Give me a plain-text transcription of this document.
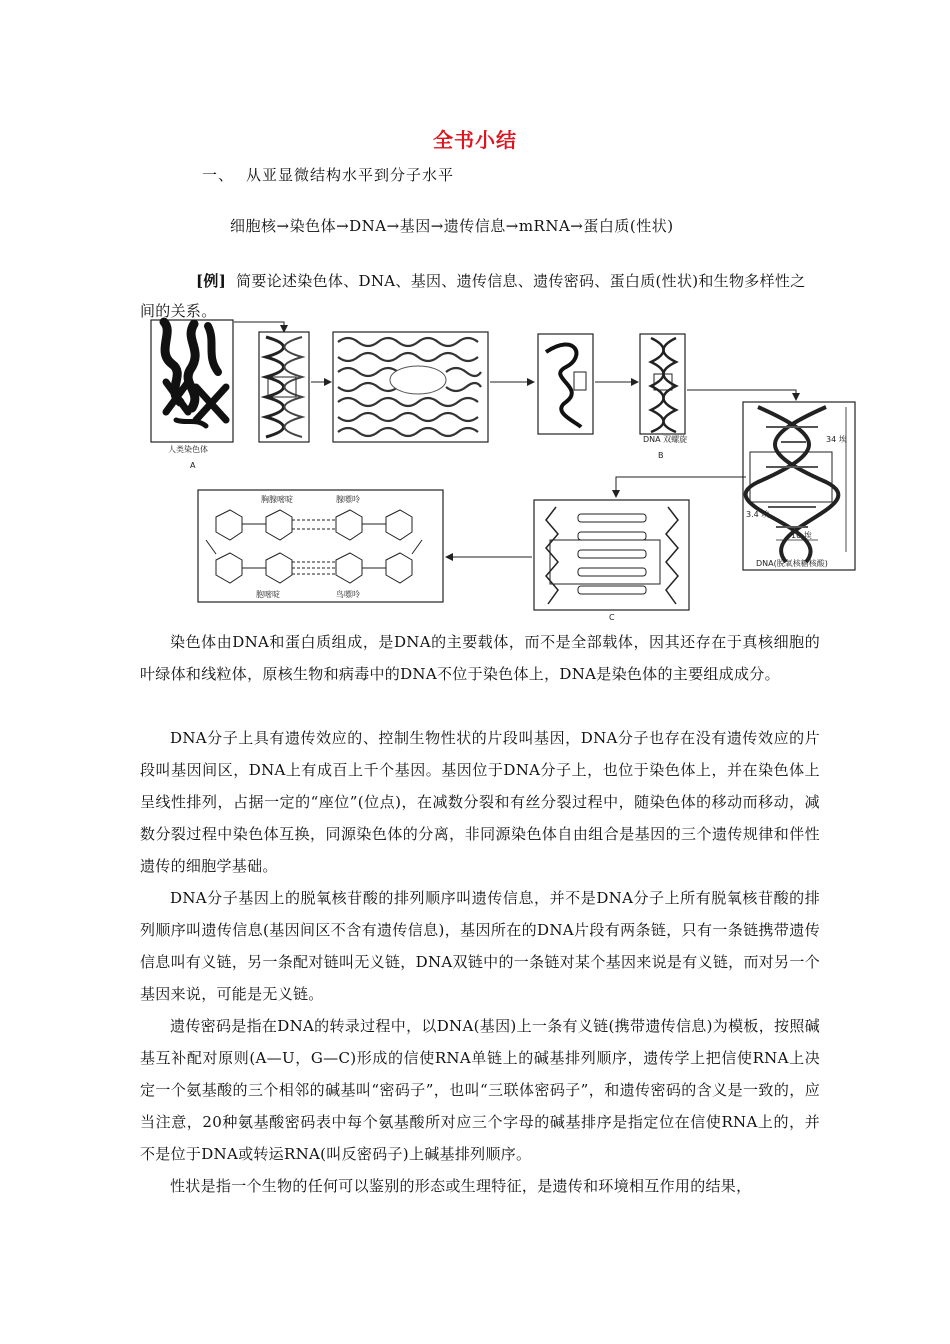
全书小结
一、 从亚显微结构水平到分子水平
细胞核→染色体→DNA→基因→遗传信息→mRNA→蛋白质(性状)
[例] 简要论述染色体、DNA、基因、遗传信息、遗传密码、蛋白质(性状)和生物多样性之间的关系。
人类染色体
A
DNA 双螺旋
B
34 埃
3.4 埃
10 埃
DNA(脱氧核糖核酸)
C
胸腺嘧啶	腺嘌呤
胞嘧啶	鸟嘌呤

染色体由DNA和蛋白质组成，是DNA的主要载体，而不是全部载体，因其还存在于真核细胞的叶绿体和线粒体，原核生物和病毒中的DNA不位于染色体上，DNA是染色体的主要组成成分。

DNA分子上具有遗传效应的、控制生物性状的片段叫基因，DNA分子也存在没有遗传效应的片段叫基因间区，DNA上有成百上千个基因。基因位于DNA分子上，也位于染色体上，并在染色体上呈线性排列，占据一定的“座位”(位点)，在减数分裂和有丝分裂过程中，随染色体的移动而移动，减数分裂过程中染色体互换，同源染色体的分离，非同源染色体自由组合是基因的三个遗传规律和伴性遗传的细胞学基础。

DNA分子基因上的脱氧核苷酸的排列顺序叫遗传信息，并不是DNA分子上所有脱氧核苷酸的排列顺序叫遗传信息(基因间区不含有遗传信息)，基因所在的DNA片段有两条链，只有一条链携带遗传信息叫有义链，另一条配对链叫无义链，DNA双链中的一条链对某个基因来说是有义链，而对另一个基因来说，可能是无义链。

遗传密码是指在DNA的转录过程中，以DNA(基因)上一条有义链(携带遗传信息)为模板，按照碱基互补配对原则(A—U，G—C)形成的信使RNA单链上的碱基排列顺序，遗传学上把信使RNA上决定一个氨基酸的三个相邻的碱基叫“密码子”，也叫“三联体密码子”，和遗传密码的含义是一致的，应当注意，20种氨基酸密码表中每个氨基酸所对应三个字母的碱基排序是指定位在信使RNA上的，并不是位于DNA或转运RNA(叫反密码子)上碱基排列顺序。

性状是指一个生物的任何可以鉴别的形态或生理特征，是遗传和环境相互作用的结果，
